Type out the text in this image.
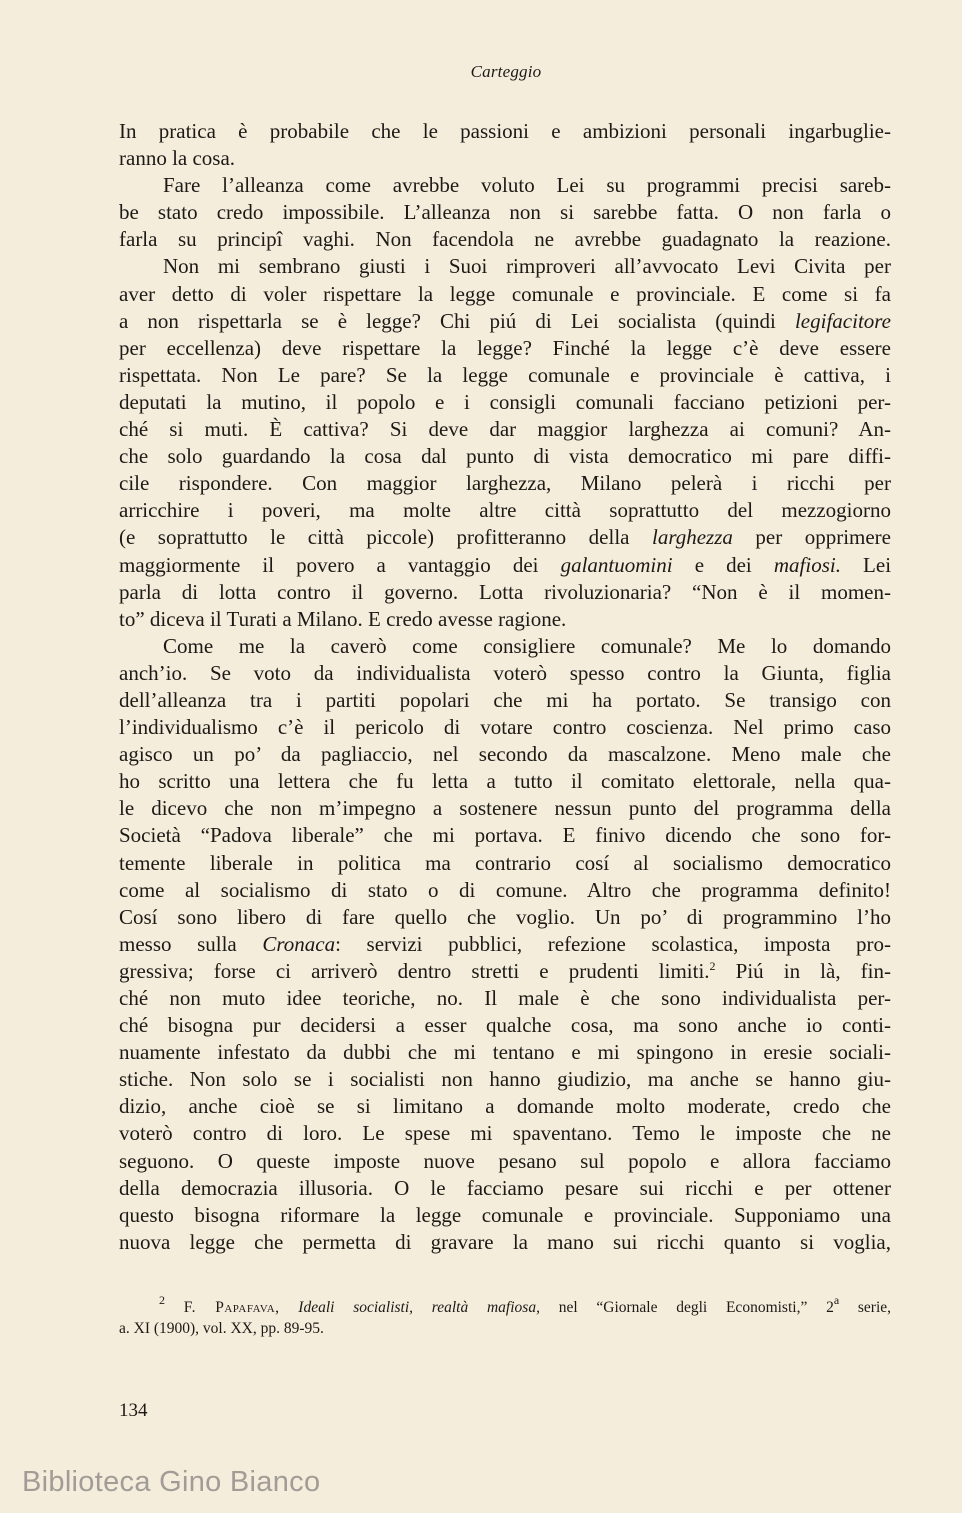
Carteggio
In pratica è probabile che le passioni e ambizioni personali ingarbuglie-
ranno la cosa.
Fare l’alleanza come avrebbe voluto Lei su programmi precisi sareb-
be stato credo impossibile. L’alleanza non si sarebbe fatta. O non farla o
farla su principî vaghi. Non facendola ne avrebbe guadagnato la reazione.
Non mi sembrano giusti i Suoi rimproveri all’avvocato Levi Civita per
aver detto di voler rispettare la legge comunale e provinciale. E come si fa
a non rispettarla se è legge? Chi piú di Lei socialista (quindi legifacitore
per eccellenza) deve rispettare la legge? Finché la legge c’è deve essere
rispettata. Non Le pare? Se la legge comunale e provinciale è cattiva, i
deputati la mutino, il popolo e i consigli comunali facciano petizioni per-
ché si muti. È cattiva? Si deve dar maggior larghezza ai comuni? An-
che solo guardando la cosa dal punto di vista democratico mi pare diffi-
cile rispondere. Con maggior larghezza, Milano pelerà i ricchi per
arricchire i poveri, ma molte altre città soprattutto del mezzogiorno
(e soprattutto le città piccole) profitteranno della larghezza per opprimere
maggiormente il povero a vantaggio dei galantuomini e dei mafiosi. Lei
parla di lotta contro il governo. Lotta rivoluzionaria? “Non è il momen-
to” diceva il Turati a Milano. E credo avesse ragione.
Come me la caverò come consigliere comunale? Me lo domando
anch’io. Se voto da individualista voterò spesso contro la Giunta, figlia
dell’alleanza tra i partiti popolari che mi ha portato. Se transigo con
l’individualismo c’è il pericolo di votare contro coscienza. Nel primo caso
agisco un po’ da pagliaccio, nel secondo da mascalzone. Meno male che
ho scritto una lettera che fu letta a tutto il comitato elettorale, nella qua-
le dicevo che non m’impegno a sostenere nessun punto del programma della
Società “Padova liberale” che mi portava. E finivo dicendo che sono for-
temente liberale in politica ma contrario cosí al socialismo democratico
come al socialismo di stato o di comune. Altro che programma definito!
Cosí sono libero di fare quello che voglio. Un po’ di programmino l’ho
messo sulla Cronaca: servizi pubblici, refezione scolastica, imposta pro-
gressiva; forse ci arriverò dentro stretti e prudenti limiti.$^2$ Piú in là, fin-
ché non muto idee teoriche, no. Il male è che sono individualista per-
ché bisogna pur decidersi a esser qualche cosa, ma sono anche io conti-
nuamente infestato da dubbi che mi tentano e mi spingono in eresie sociali-
stiche. Non solo se i socialisti non hanno giudizio, ma anche se hanno giu-
dizio, anche cioè se si limitano a domande molto moderate, credo che
voterò contro di loro. Le spese mi spaventano. Temo le imposte che ne
seguono. O queste imposte nuove pesano sul popolo e allora facciamo
della democrazia illusoria. O le facciamo pesare sui ricchi e per ottener
questo bisogna riformare la legge comunale e provinciale. Supponiamo una
nuova legge che permetta di gravare la mano sui ricchi quanto si voglia,
$^2$ F. Papafava, Ideali socialisti, realtà mafiosa, nel “Giornale degli Economisti,” 2$^a$ serie,
a. XI (1900), vol. XX, pp. 89-95.
134
Biblioteca Gino Bianco
